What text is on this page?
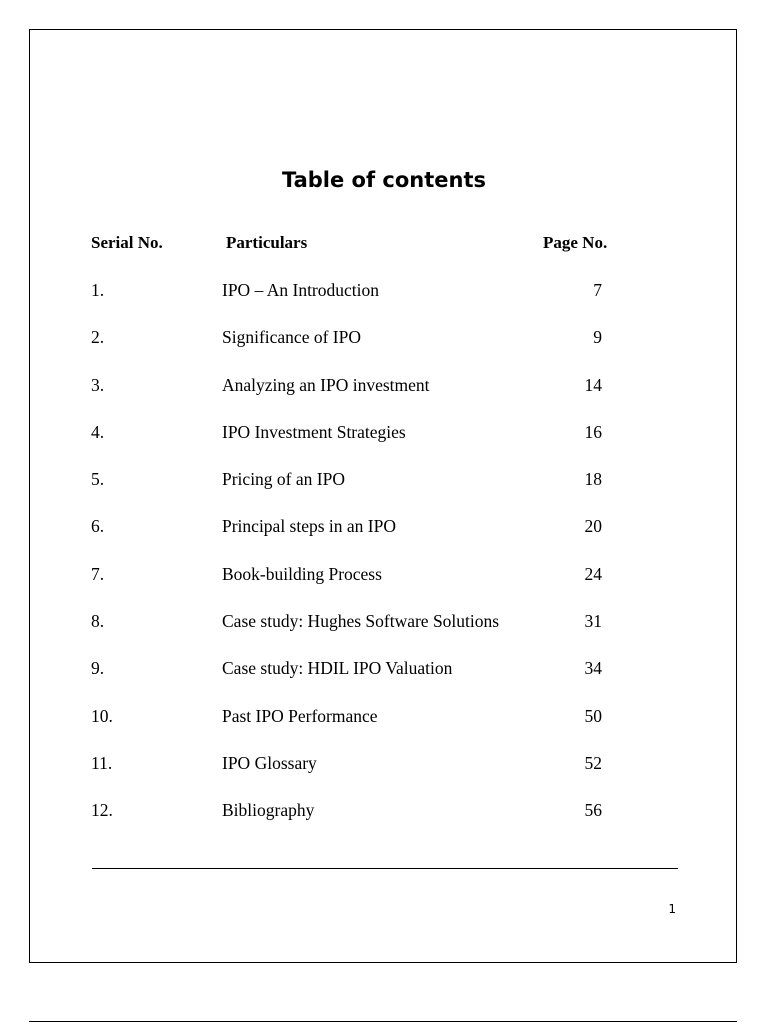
Table of contents
Serial No.	Particulars	Page No.
1.	IPO – An Introduction	7
2.	Significance of IPO	9
3.	Analyzing an IPO investment	14
4.	IPO Investment Strategies	16
5.	Pricing of an IPO	18
6.	Principal steps in an IPO	20
7.	Book-building Process	24
8.	Case study: Hughes Software Solutions	31
9.	Case study: HDIL IPO Valuation	34
10.	Past IPO Performance	50
11.	IPO Glossary	52
12.	Bibliography	56
1
